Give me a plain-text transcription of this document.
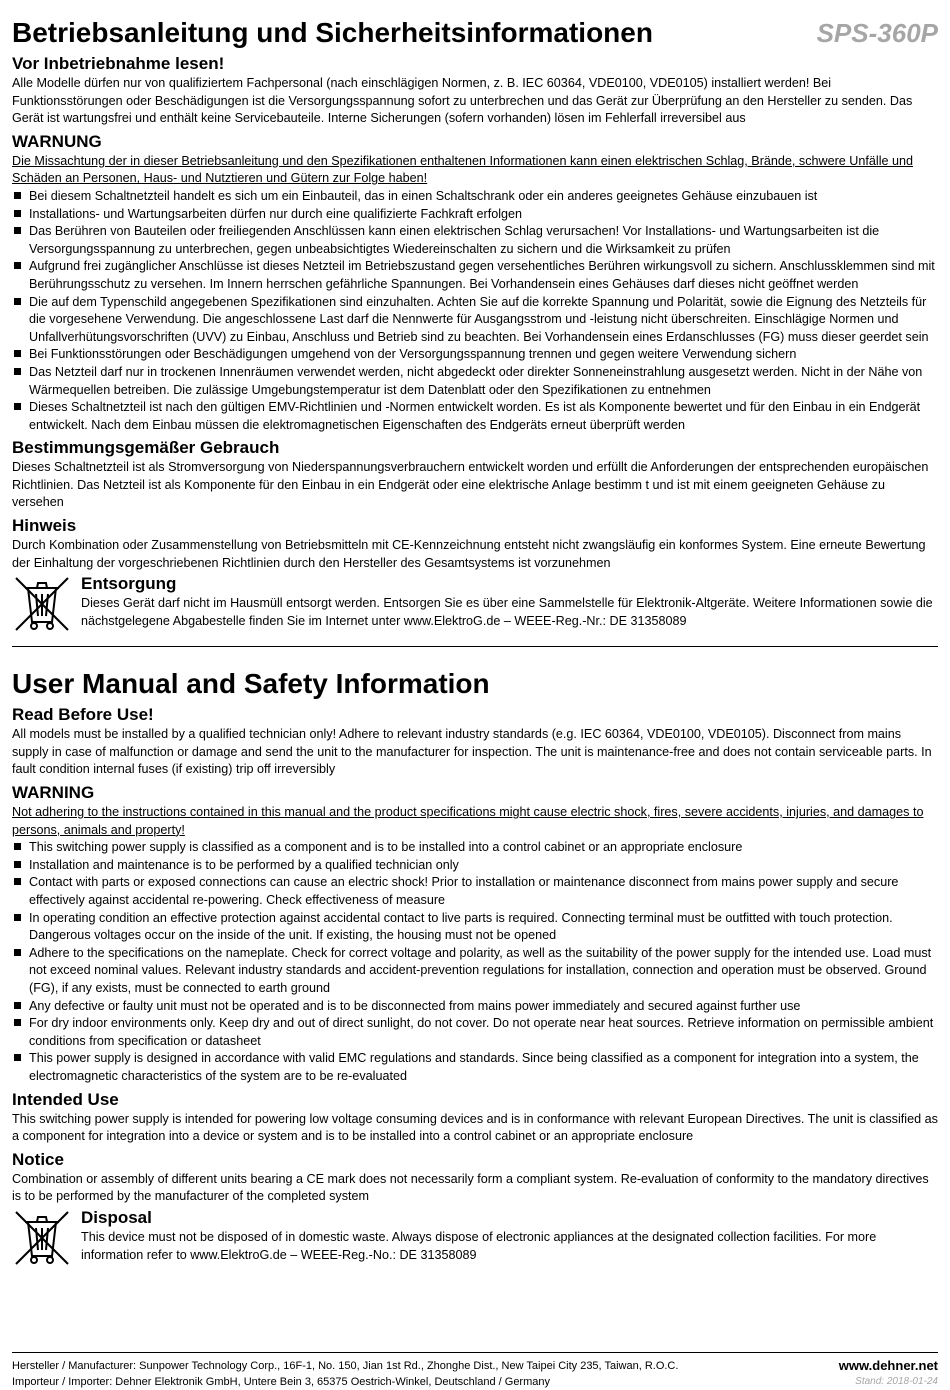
Betriebsanleitung und Sicherheitsinformationen	SPS-360P
Vor Inbetriebnahme lesen!

Alle Modelle dürfen nur von qualifiziertem Fachpersonal (nach einschlägigen Normen, z. B. IEC 60364, VDE0100, VDE0105) installiert werden! Bei Funktionsstörungen oder Beschädigungen ist die Versorgungsspannung sofort zu unterbrechen und das Gerät zur Überprüfung an den Hersteller zu senden. Das Gerät ist wartungsfrei und enthält keine Servicebauteile. Interne Sicherungen (sofern vorhanden) lösen im Fehlerfall irreversibel aus

WARNUNG

Die Missachtung der in dieser Betriebsanleitung und den Spezifikationen enthaltenen Informationen kann einen elektrischen Schlag, Brände, schwere Unfälle und Schäden an Personen, Haus- und Nutztieren und Gütern zur Folge haben!

Bei diesem Schaltnetzteil handelt es sich um ein Einbauteil, das in einen Schaltschrank oder ein anderes geeignetes Gehäuse einzubauen ist
Installations- und Wartungsarbeiten dürfen nur durch eine qualifizierte Fachkraft erfolgen
Das Berühren von Bauteilen oder freiliegenden Anschlüssen kann einen elektrischen Schlag verursachen! Vor Installations- und Wartungsarbeiten ist die Versorgungsspannung zu unterbrechen, gegen unbeabsichtigtes Wiedereinschalten zu sichern und die Wirksamkeit zu prüfen
Aufgrund frei zugänglicher Anschlüsse ist dieses Netzteil im Betriebszustand gegen versehentliches Berühren wirkungsvoll zu sichern. Anschlussklemmen sind mit Berührungsschutz zu versehen. Im Innern herrschen gefährliche Spannungen. Bei Vorhandensein eines Gehäuses darf dieses nicht geöffnet werden
Die auf dem Typenschild angegebenen Spezifikationen sind einzuhalten. Achten Sie auf die korrekte Spannung und Polarität, sowie die Eignung des Netzteils für die vorgesehene Verwendung. Die angeschlossene Last darf die Nennwerte für Ausgangsstrom und -leistung nicht überschreiten. Einschlägige Normen und Unfallverhütungsvorschriften (UVV) zu Einbau, Anschluss und Betrieb sind zu beachten. Bei Vorhandensein eines Erdanschlusses (FG) muss dieser geerdet sein
Bei Funktionsstörungen oder Beschädigungen umgehend von der Versorgungsspannung trennen und gegen weitere Verwendung sichern
Das Netzteil darf nur in trockenen Innenräumen verwendet werden, nicht abgedeckt oder direkter Sonneneinstrahlung ausgesetzt werden. Nicht in der Nähe von Wärmequellen betreiben. Die zulässige Umgebungstemperatur ist dem Datenblatt oder den Spezifikationen zu entnehmen
Dieses Schaltnetzteil ist nach den gültigen EMV-Richtlinien und -Normen entwickelt worden. Es ist als Komponente bewertet und für den Einbau in ein Endgerät entwickelt. Nach dem Einbau müssen die elektromagnetischen Eigenschaften des Endgeräts erneut überprüft werden
Bestimmungsgemäßer Gebrauch

Dieses Schaltnetzteil ist als Stromversorgung von Niederspannungsverbrauchern entwickelt worden und erfüllt die Anforderungen der entsprechenden europäischen Richtlinien. Das Netzteil ist als Komponente für den Einbau in ein Endgerät oder eine elektrische Anlage bestimm t und ist mit einem geeigneten Gehäuse zu versehen

Hinweis

Durch Kombination oder Zusammenstellung von Betriebsmitteln mit CE-Kennzeichnung entsteht nicht zwangsläufig ein konformes System. Eine erneute Bewertung der Einhaltung der vorgeschriebenen Richtlinien durch den Hersteller des Gesamtsystems ist vorzunehmen

Entsorgung

Dieses Gerät darf nicht im Hausmüll entsorgt werden. Entsorgen Sie es über eine Sammelstelle für Elektronik-Altgeräte. Weitere Informationen sowie die nächstgelegene Abgabestelle finden Sie im Internet unter www.ElektroG.de – WEEE-Reg.-Nr.: DE 31358089

User Manual and Safety Information
Read Before Use!

All models must be installed by a qualified technician only! Adhere to relevant industry standards (e.g. IEC 60364, VDE0100, VDE0105). Disconnect from mains supply in case of malfunction or damage and send the unit to the manufacturer for inspection. The unit is maintenance-free and does not contain serviceable parts. In fault condition internal fuses (if existing) trip off irreversibly

WARNING

Not adhering to the instructions contained in this manual and the product specifications might cause electric shock, fires, severe accidents, injuries, and damages to persons, animals and property!

This switching power supply is classified as a component and is to be installed into a control cabinet or an appropriate enclosure
Installation and maintenance is to be performed by a qualified technician only
Contact with parts or exposed connections can cause an electric shock! Prior to installation or maintenance disconnect from mains power supply and secure effectively against accidental re-powering. Check effectiveness of measure
In operating condition an effective protection against accidental contact to live parts is required. Connecting terminal must be outfitted with touch protection. Dangerous voltages occur on the inside of the unit. If existing, the housing must not be opened
Adhere to the specifications on the nameplate. Check for correct voltage and polarity, as well as the suitability of the power supply for the intended use. Load must not exceed nominal values. Relevant industry standards and accident-prevention regulations for installation, connection and operation must be observed. Ground (FG), if any exists, must be connected to earth ground
Any defective or faulty unit must not be operated and is to be disconnected from mains power immediately and secured against further use
For dry indoor environments only. Keep dry and out of direct sunlight, do not cover. Do not operate near heat sources. Retrieve information on permissible ambient conditions from specification or datasheet
This power supply is designed in accordance with valid EMC regulations and standards. Since being classified as a component for integration into a system, the electromagnetic characteristics of the system are to be re-evaluated
Intended Use

This switching power supply is intended for powering low voltage consuming devices and is in conformance with relevant European Directives. The unit is classified as a component for integration into a device or system and is to be installed into a control cabinet or an appropriate enclosure

Notice

Combination or assembly of different units bearing a CE mark does not necessarily form a compliant system. Re-evaluation of conformity to the mandatory directives is to be performed by the manufacturer of the completed system

Disposal

This device must not be disposed of in domestic waste. Always dispose of electronic appliances at the designated collection facilities. For more information refer to www.ElektroG.de – WEEE-Reg.-No.: DE 31358089

Hersteller / Manufacturer: Sunpower Technology Corp., 16F-1, No. 150, Jian 1st Rd., Zhonghe Dist., New Taipei City 235, Taiwan, R.O.C.
Importeur / Importer: Dehner Elektronik GmbH, Untere Bein 3, 65375 Oestrich-Winkel, Deutschland / Germany
www.dehner.net
Stand: 2018-01-24
